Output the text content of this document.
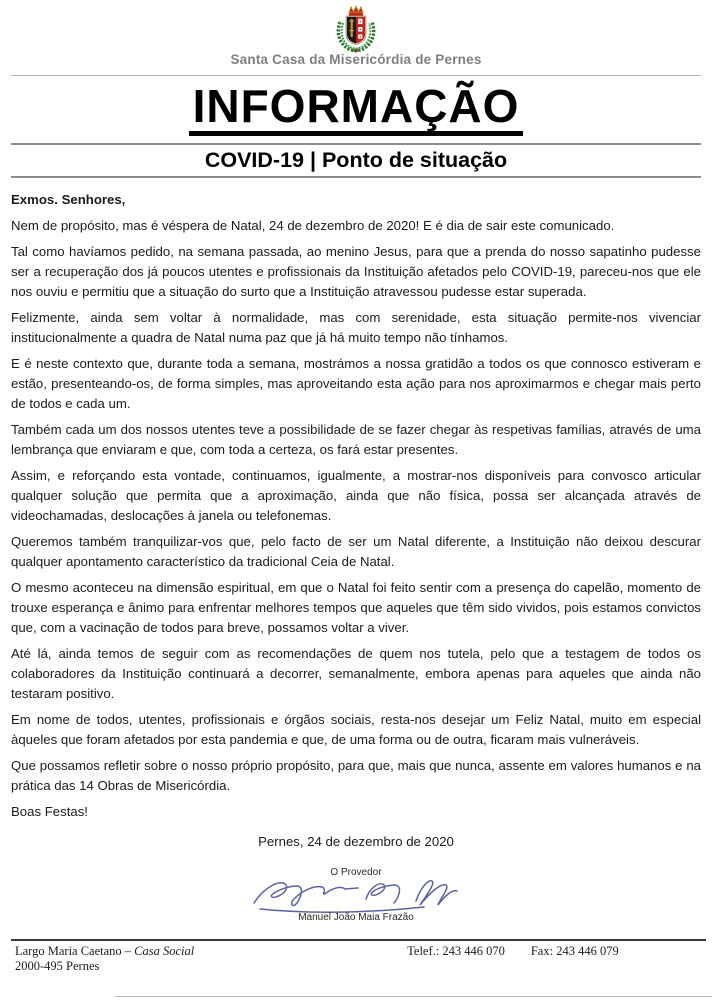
Santa Casa da Misericórdia de Pernes
INFORMAÇÃO
COVID-19 | Ponto de situação

Exmos. Senhores,

Nem de propósito, mas é véspera de Natal, 24 de dezembro de 2020! E é dia de sair este comunicado.

Tal como havíamos pedido, na semana passada, ao menino Jesus, para que a prenda do nosso sapatinho pudesse ser a recuperação dos já poucos utentes e profissionais da Instituição afetados pelo COVID-19, pareceu-nos que ele nos ouviu e permitiu que a situação do surto que a Instituição atravessou pudesse estar superada.

Felizmente, ainda sem voltar à normalidade, mas com serenidade, esta situação permite-nos vivenciar institucionalmente a quadra de Natal numa paz que já há muito tempo não tínhamos.

E é neste contexto que, durante toda a semana, mostrámos a nossa gratidão a todos os que connosco estiveram e estão, presenteando-os, de forma simples, mas aproveitando esta ação para nos aproximarmos e chegar mais perto de todos e cada um.

Também cada um dos nossos utentes teve a possibilidade de se fazer chegar às respetivas famílias, através de uma lembrança que enviaram e que, com toda a certeza, os fará estar presentes.

Assim, e reforçando esta vontade, continuamos, igualmente, a mostrar-nos disponíveis para convosco articular qualquer solução que permita que a aproximação, ainda que não física, possa ser alcançada através de videochamadas, deslocações à janela ou telefonemas.

Queremos também tranquilizar-vos que, pelo facto de ser um Natal diferente, a Instituição não deixou descurar qualquer apontamento característico da tradicional Ceia de Natal.

O mesmo aconteceu na dimensão espiritual, em que o Natal foi feito sentir com a presença do capelão, momento de trouxe esperança e ânimo para enfrentar melhores tempos que aqueles que têm sido vividos, pois estamos convictos que, com a vacinação de todos para breve, possamos voltar a viver.

Até lá, ainda temos de seguir com as recomendações de quem nos tutela, pelo que a testagem de todos os colaboradores da Instituição continuará a decorrer, semanalmente, embora apenas para aqueles que ainda não testaram positivo.

Em nome de todos, utentes, profissionais e órgãos sociais, resta-nos desejar um Feliz Natal, muito em especial àqueles que foram afetados por esta pandemia e que, de uma forma ou de outra, ficaram mais vulneráveis.

Que possamos refletir sobre o nosso próprio propósito, para que, mais que nunca, assente em valores humanos e na prática das 14 Obras de Misericórdia.

Boas Festas!

Pernes, 24 de dezembro de 2020
O Provedor
Manuel João Maia Frazão
Largo Maria Caetano – Casa Social
2000-495 Pernes
Telef.: 243 446 070 Fax: 243 446 079
